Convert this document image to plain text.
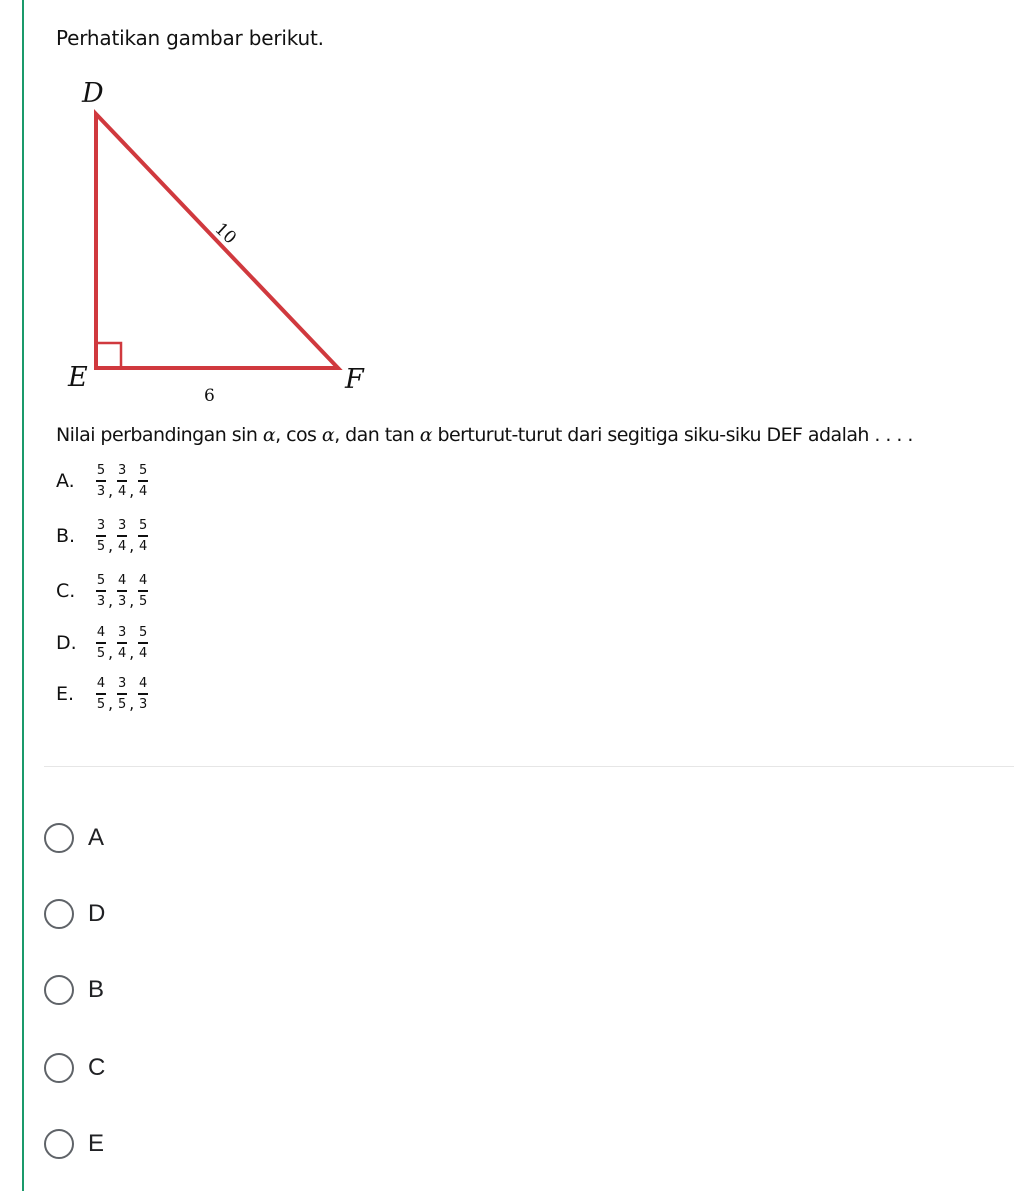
Perhatikan gambar berikut.
D
E	F
10
6
Nilai perbandingan sin α, cos α, dan tan α berturut-turut dari segitiga siku-siku DEF adalah . . . .
A.	$\frac{5}{3}$ , $\frac{3}{4}$ , $\frac{5}{4}$
B.	$\frac{3}{5}$ , $\frac{3}{4}$ , $\frac{5}{4}$
C.	$\frac{5}{3}$ , $\frac{4}{3}$ , $\frac{4}{5}$
D.	$\frac{4}{5}$ , $\frac{3}{4}$ , $\frac{5}{4}$
E.	$\frac{4}{5}$ , $\frac{3}{5}$ , $\frac{4}{3}$
A
D
B
C
E
